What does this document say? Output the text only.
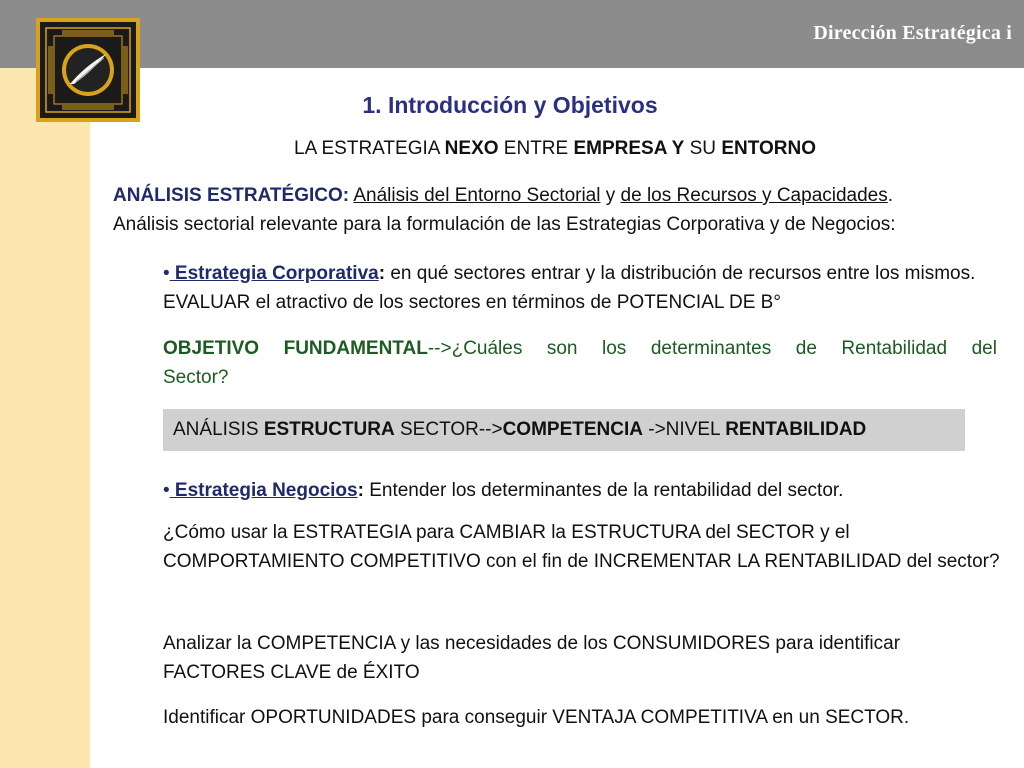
Dirección Estratégica i
1. Introducción y Objetivos
LA ESTRATEGIA NEXO ENTRE EMPRESA Y SU ENTORNO
ANÁLISIS ESTRATÉGICO: Análisis del Entorno Sectorial y de los Recursos y Capacidades.
Análisis sectorial relevante para la formulación de las Estrategias Corporativa y de Negocios:
• Estrategia Corporativa: en qué sectores entrar y la distribución de recursos entre los mismos. EVALUAR el atractivo de los sectores en términos de POTENCIAL DE B°
OBJETIVO FUNDAMENTAL-->¿Cuáles son los determinantes de Rentabilidad del
Sector?
ANÁLISIS ESTRUCTURA SECTOR-->COMPETENCIA ->NIVEL RENTABILIDAD
• Estrategia Negocios: Entender los determinantes de la rentabilidad del sector.
¿Cómo usar la ESTRATEGIA para CAMBIAR la ESTRUCTURA del SECTOR y el COMPORTAMIENTO COMPETITIVO con el fin de INCREMENTAR LA RENTABILIDAD del sector?
Analizar la COMPETENCIA y las necesidades de los CONSUMIDORES para identificar FACTORES CLAVE de ÉXITO
Identificar OPORTUNIDADES para conseguir VENTAJA COMPETITIVA en un SECTOR.
